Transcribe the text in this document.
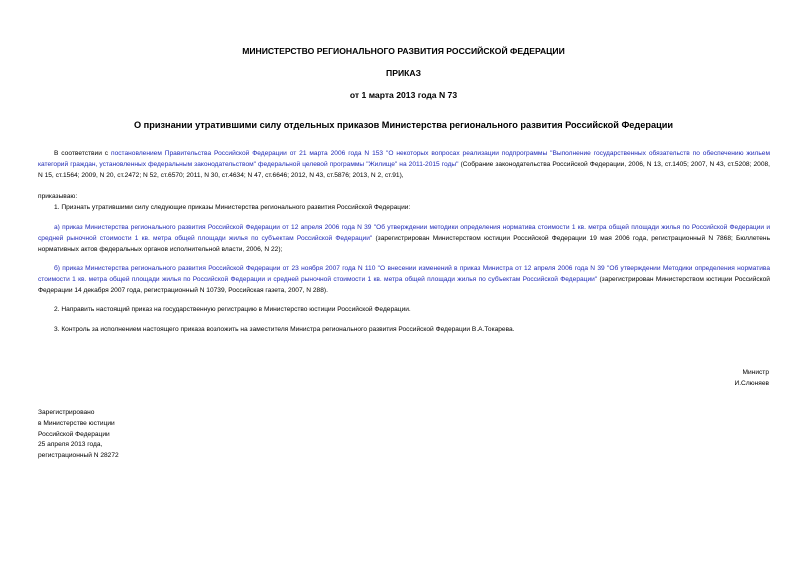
МИНИСТЕРСТВО РЕГИОНАЛЬНОГО РАЗВИТИЯ РОССИЙСКОЙ ФЕДЕРАЦИИ
ПРИКАЗ
от 1 марта 2013 года N 73
О признании утратившими силу отдельных приказов Министерства регионального развития Российской Федерации
В соответствии с постановлением Правительства Российской Федерации от 21 марта 2006 года N 153 "О некоторых вопросах реализации подпрограммы "Выполнение государственных обязательств по обеспечению жильем категорий граждан, установленных федеральным законодательством" федеральной целевой программы "Жилище" на 2011-2015 годы" (Собрание законодательства Российской Федерации, 2006, N 13, ст.1405; 2007, N 43, ст.5208; 2008, N 15, ст.1564; 2009, N 20, ст.2472; N 52, ст.6570; 2011, N 30, ст.4634; N 47, ст.6646; 2012, N 43, ст.5876; 2013, N 2, ст.91),
приказываю:
1. Признать утратившими силу следующие приказы Министерства регионального развития Российской Федерации:
а) приказ Министерства регионального развития Российской Федерации от 12 апреля 2006 года N 39 "Об утверждении методики определения норматива стоимости 1 кв. метра общей площади жилья по Российской Федерации и средней рыночной стоимости 1 кв. метра общей площади жилья по субъектам Российской Федерации" (зарегистрирован Министерством юстиции Российской Федерации 19 мая 2006 года, регистрационный N 7868; Бюллетень нормативных актов федеральных органов исполнительной власти, 2006, N 22);
б) приказ Министерства регионального развития Российской Федерации от 23 ноября 2007 года N 110 "О внесении изменений в приказ Министра от 12 апреля 2006 года N 39 "Об утверждении Методики определения норматива стоимости 1 кв. метра общей площади жилья по Российской Федерации и средней рыночной стоимости 1 кв. метра общей площади жилья по субъектам Российской Федерации" (зарегистрирован Министерством юстиции Российской Федерации 14 декабря 2007 года, регистрационный N 10739, Российская газета, 2007, N 288).
2. Направить настоящий приказ на государственную регистрацию в Министерство юстиции Российской Федерации.
3. Контроль за исполнением настоящего приказа возложить на заместителя Министра регионального развития Российской Федерации В.А.Токарева.
Министр
И.Слюняев
Зарегистрировано
в Министерстве юстиции
Российской Федерации
25 апреля 2013 года,
регистрационный N 28272
